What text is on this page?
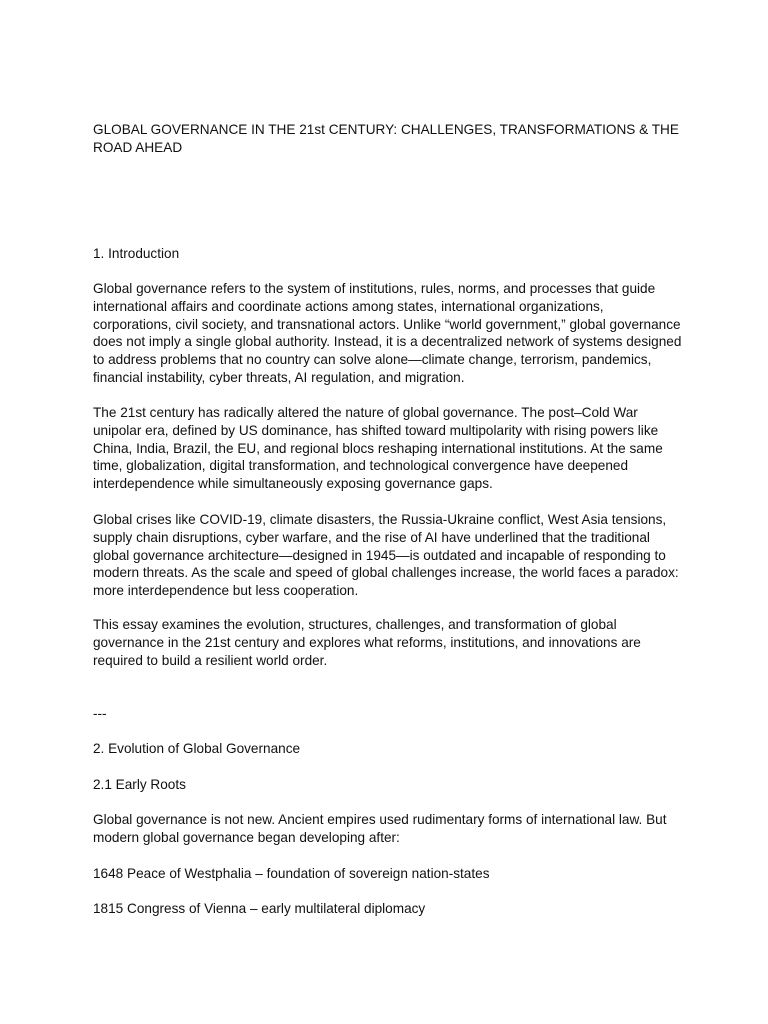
GLOBAL GOVERNANCE IN THE 21st CENTURY: CHALLENGES, TRANSFORMATIONS & THE ROAD AHEAD

1. Introduction

Global governance refers to the system of institutions, rules, norms, and processes that guide international affairs and coordinate actions among states, international organizations, corporations, civil society, and transnational actors. Unlike “world government,” global governance does not imply a single global authority. Instead, it is a decentralized network of systems designed to address problems that no country can solve alone—climate change, terrorism, pandemics, financial instability, cyber threats, AI regulation, and migration.

The 21st century has radically altered the nature of global governance. The post–Cold War unipolar era, defined by US dominance, has shifted toward multipolarity with rising powers like China, India, Brazil, the EU, and regional blocs reshaping international institutions. At the same time, globalization, digital transformation, and technological convergence have deepened interdependence while simultaneously exposing governance gaps.

Global crises like COVID-19, climate disasters, the Russia-Ukraine conflict, West Asia tensions, supply chain disruptions, cyber warfare, and the rise of AI have underlined that the traditional global governance architecture—designed in 1945—is outdated and incapable of responding to modern threats. As the scale and speed of global challenges increase, the world faces a paradox: more interdependence but less cooperation.

This essay examines the evolution, structures, challenges, and transformation of global governance in the 21st century and explores what reforms, institutions, and innovations are required to build a resilient world order.

---

2. Evolution of Global Governance

2.1 Early Roots

Global governance is not new. Ancient empires used rudimentary forms of international law. But modern global governance began developing after:

1648 Peace of Westphalia – foundation of sovereign nation-states

1815 Congress of Vienna – early multilateral diplomacy
